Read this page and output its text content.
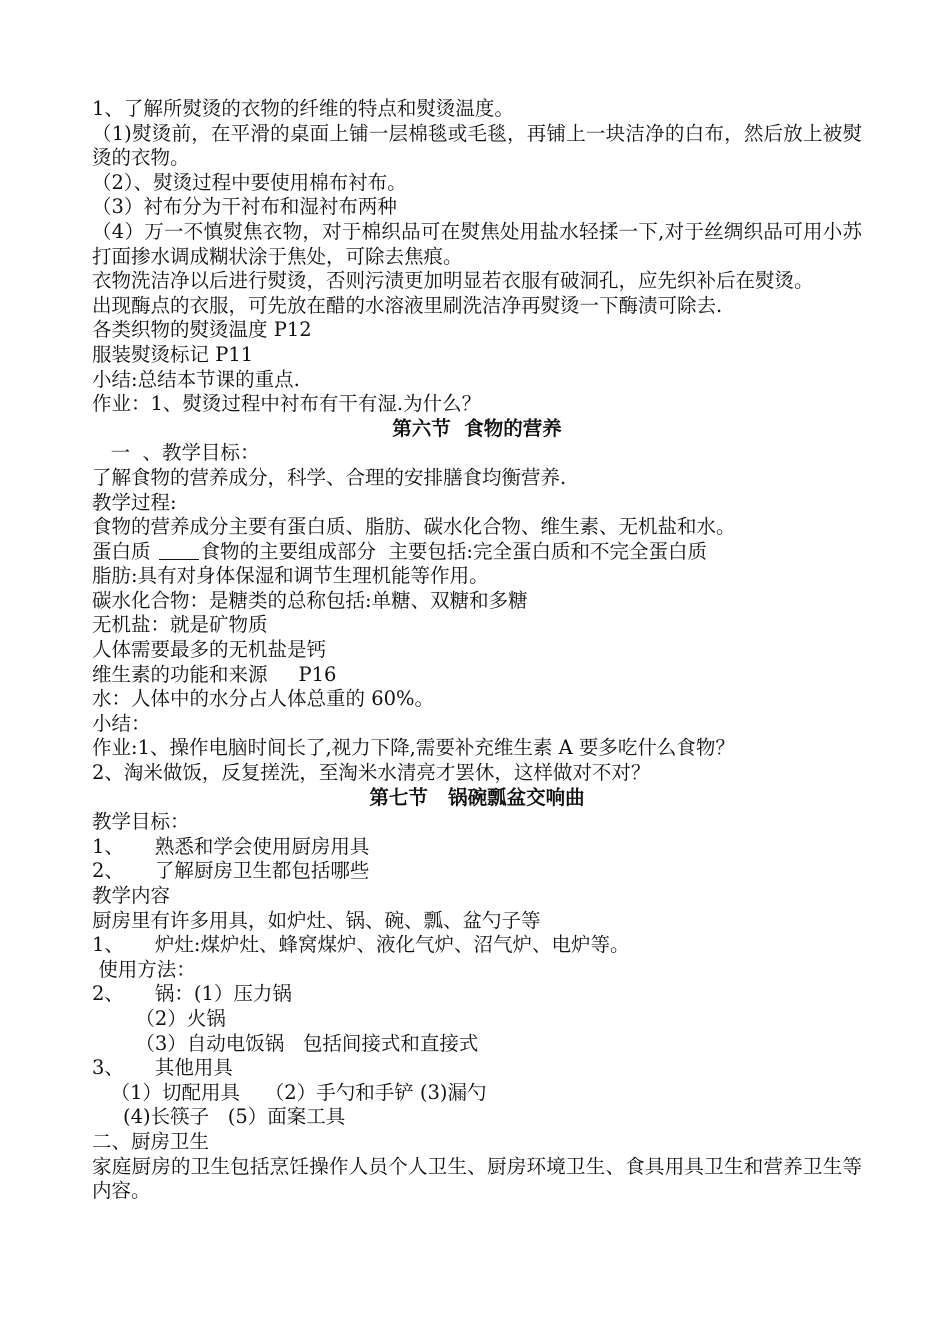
1、了解所熨烫的衣物的纤维的特点和熨烫温度。
（1)熨烫前，在平滑的桌面上铺一层棉毯或毛毯，再铺上一块洁净的白布，然后放上被熨烫的衣物。
（2）、熨烫过程中要使用棉布衬布。
（3）衬布分为干衬布和湿衬布两种
（4）万一不慎熨焦衣物，对于棉织品可在熨焦处用盐水轻揉一下,对于丝绸织品可用小苏打面掺水调成糊状涂于焦处，可除去焦痕。
衣物洗洁净以后进行熨烫，否则污渍更加明显若衣服有破洞孔，应先织补后在熨烫。
出现酶点的衣服，可先放在醋的水溶液里刷洗洁净再熨烫一下酶渍可除去.
各类织物的熨烫温度 P12
服装熨烫标记 P11
小结:总结本节课的重点.
作业：1、熨烫过程中衬布有干有湿.为什么？
第六节  食物的营养
一  、教学目标：
了解食物的营养成分，科学、合理的安排膳食均衡营养.
教学过程:
食物的营养成分主要有蛋白质、脂肪、碳水化合物、维生素、无机盐和水。
蛋白质	食物的主要组成部分  主要包括:完全蛋白质和不完全蛋白质
脂肪:具有对身体保湿和调节生理机能等作用。
碳水化合物：是糖类的总称包括:单糖、双糖和多糖
无机盐：就是矿物质
人体需要最多的无机盐是钙
维生素的功能和来源     P16
水：人体中的水分占人体总重的 60%。
小结：
作业:1、操作电脑时间长了,视力下降,需要补充维生素 A 要多吃什么食物？
2、淘米做饭，反复搓洗，至淘米水清亮才罢休，这样做对不对？
第七节   锅碗瓢盆交响曲
教学目标：
1、     熟悉和学会使用厨房用具
2、     了解厨房卫生都包括哪些
教学内容
厨房里有许多用具，如炉灶、锅、碗、瓢、盆勺子等
1、     炉灶:煤炉灶、蜂窝煤炉、液化气炉、沼气炉、电炉等。
使用方法：
2、     锅：(1）压力锅
（2）火锅
（3）自动电饭锅   包括间接式和直接式
3、     其他用具
（1）切配用具    （2）手勺和手铲 (3)漏勺
(4)长筷子   (5）面案工具
二、厨房卫生
家庭厨房的卫生包括烹饪操作人员个人卫生、厨房环境卫生、食具用具卫生和营养卫生等内容。
